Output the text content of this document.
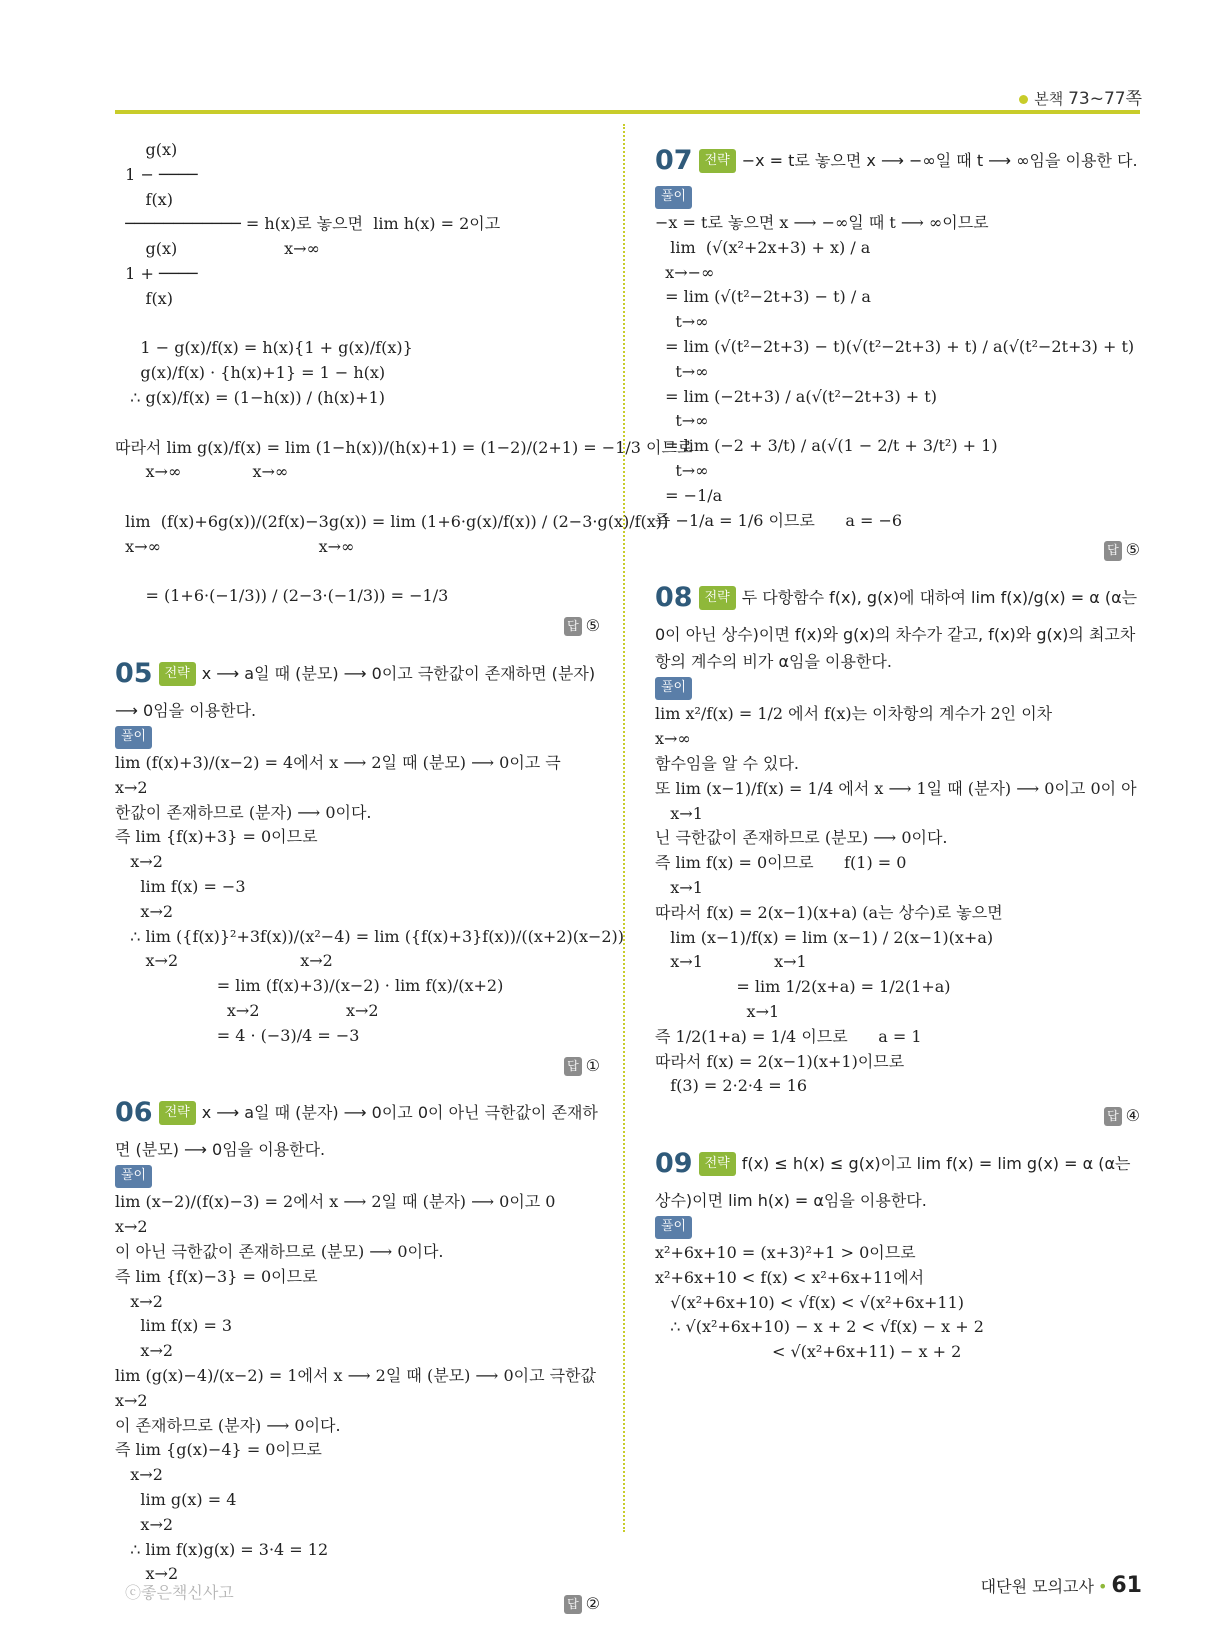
본책 73~77쪽
g(x)
1 − ────
f(x)
──────────── = h(x)로 놓으면  lim h(x) = 2이고
g(x)                     x→∞
1 + ────
f(x)

1 − g(x)/f(x) = h(x){1 + g(x)/f(x)}
g(x)/f(x) · {h(x)+1} = 1 − h(x)
∴ g(x)/f(x) = (1−h(x)) / (h(x)+1)

따라서 lim g(x)/f(x) = lim (1−h(x))/(h(x)+1) = (1−2)/(2+1) = −1/3 이므로
x→∞              x→∞

lim  (f(x)+6g(x))/(2f(x)−3g(x)) = lim (1+6·g(x)/f(x)) / (2−3·g(x)/f(x))
x→∞                               x→∞

= (1+6·(−1/3)) / (2−3·(−1/3)) = −1/3
답 ⑤
05 전략 x ⟶ a일 때 (분모) ⟶ 0이고 극한값이 존재하면 (분자) ⟶ 0임을 이용한다.
풀이
lim (f(x)+3)/(x−2) = 4에서 x ⟶ 2일 때 (분모) ⟶ 0이고 극
x→2
한값이 존재하므로 (분자) ⟶ 0이다.
즉 lim {f(x)+3} = 0이므로
x→2
lim f(x) = −3
x→2
∴ lim ({f(x)}²+3f(x))/(x²−4) = lim ({f(x)+3}f(x))/((x+2)(x−2))
x→2                        x→2
= lim (f(x)+3)/(x−2) · lim f(x)/(x+2)
x→2                 x→2
= 4 · (−3)/4 = −3
답 ①
06 전략 x ⟶ a일 때 (분자) ⟶ 0이고 0이 아닌 극한값이 존재하면 (분모) ⟶ 0임을 이용한다.
풀이
lim (x−2)/(f(x)−3) = 2에서 x ⟶ 2일 때 (분자) ⟶ 0이고 0
x→2
이 아닌 극한값이 존재하므로 (분모) ⟶ 0이다.
즉 lim {f(x)−3} = 0이므로
x→2
lim f(x) = 3
x→2
lim (g(x)−4)/(x−2) = 1에서 x ⟶ 2일 때 (분모) ⟶ 0이고 극한값
x→2
이 존재하므로 (분자) ⟶ 0이다.
즉 lim {g(x)−4} = 0이므로
x→2
lim g(x) = 4
x→2
∴ lim f(x)g(x) = 3·4 = 12
x→2
답 ②
07 전략 −x = t로 놓으면 x ⟶ −∞일 때 t ⟶ ∞임을 이용한 다.
풀이
−x = t로 놓으면 x ⟶ −∞일 때 t ⟶ ∞이므로
lim  (√(x²+2x+3) + x) / a
x→−∞
= lim (√(t²−2t+3) − t) / a
t→∞
= lim (√(t²−2t+3) − t)(√(t²−2t+3) + t) / a(√(t²−2t+3) + t)
t→∞
= lim (−2t+3) / a(√(t²−2t+3) + t)
t→∞
= lim (−2 + 3/t) / a(√(1 − 2/t + 3/t²) + 1)
t→∞
= −1/a
즉 −1/a = 1/6 이므로      a = −6
답 ⑤
08 전략 두 다항함수 f(x), g(x)에 대하여 lim f(x)/g(x) = α (α는 0이 아닌 상수)이면 f(x)와 g(x)의 차수가 같고, f(x)와 g(x)의 최고차항의 계수의 비가 α임을 이용한다.
풀이
lim x²/f(x) = 1/2 에서 f(x)는 이차항의 계수가 2인 이차
x→∞
함수임을 알 수 있다.
또 lim (x−1)/f(x) = 1/4 에서 x ⟶ 1일 때 (분자) ⟶ 0이고 0이 아
x→1
닌 극한값이 존재하므로 (분모) ⟶ 0이다.
즉 lim f(x) = 0이므로      f(1) = 0
x→1
따라서 f(x) = 2(x−1)(x+a) (a는 상수)로 놓으면
lim (x−1)/f(x) = lim (x−1) / 2(x−1)(x+a)
x→1              x→1
= lim 1/2(x+a) = 1/2(1+a)
x→1
즉 1/2(1+a) = 1/4 이므로      a = 1
따라서 f(x) = 2(x−1)(x+1)이므로
f(3) = 2·2·4 = 16
답 ④
09 전략 f(x) ≤ h(x) ≤ g(x)이고 lim f(x) = lim g(x) = α (α는 상수)이면 lim h(x) = α임을 이용한다.
풀이
x²+6x+10 = (x+3)²+1 > 0이므로
x²+6x+10 < f(x) < x²+6x+11에서
√(x²+6x+10) < √f(x) < √(x²+6x+11)
∴ √(x²+6x+10) − x + 2 < √f(x) − x + 2
< √(x²+6x+11) − x + 2
ⓒ좋은책신사고	대단원 모의고사 • 61
